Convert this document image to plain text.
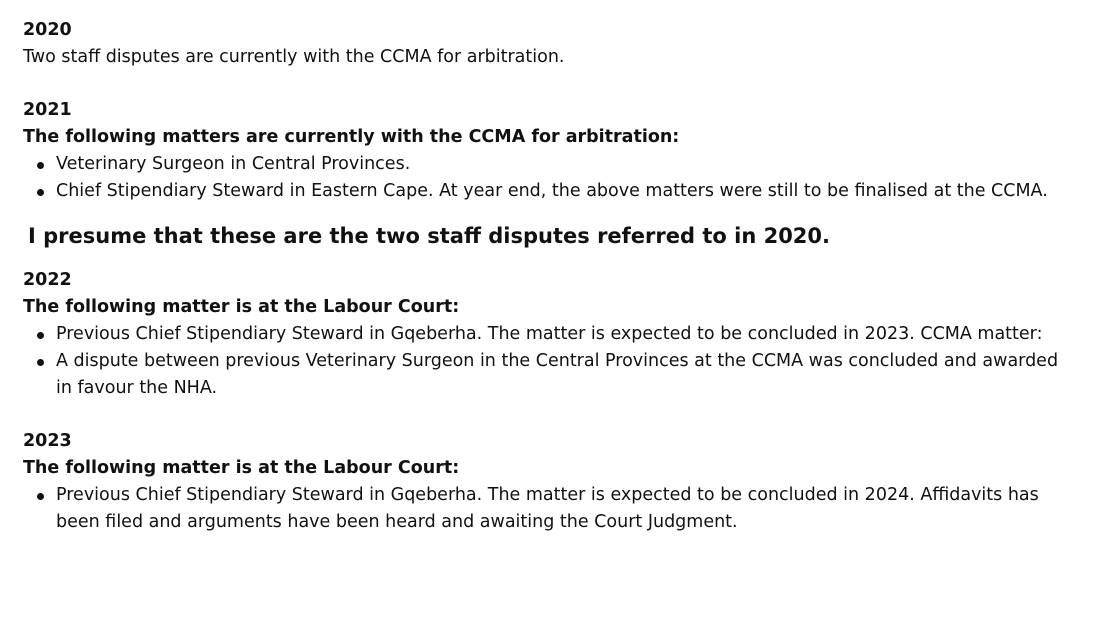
2020

Two staff disputes are currently with the CCMA for arbitration.

2021

The following matters are currently with the CCMA for arbitration:

Veterinary Surgeon in Central Provinces.
Chief Stipendiary Steward in Eastern Cape. At year end, the above matters were still to be finalised at the CCMA.

I presume that these are the two staff disputes referred to in 2020.

2022

The following matter is at the Labour Court:

Previous Chief Stipendiary Steward in Gqeberha. The matter is expected to be concluded in 2023. CCMA matter:
A dispute between previous Veterinary Surgeon in the Central Provinces at the CCMA was concluded and awarded in favour the NHA.

2023

The following matter is at the Labour Court:

Previous Chief Stipendiary Steward in Gqeberha. The matter is expected to be concluded in 2024. Affidavits has been filed and arguments have been heard and awaiting the Court Judgment.
